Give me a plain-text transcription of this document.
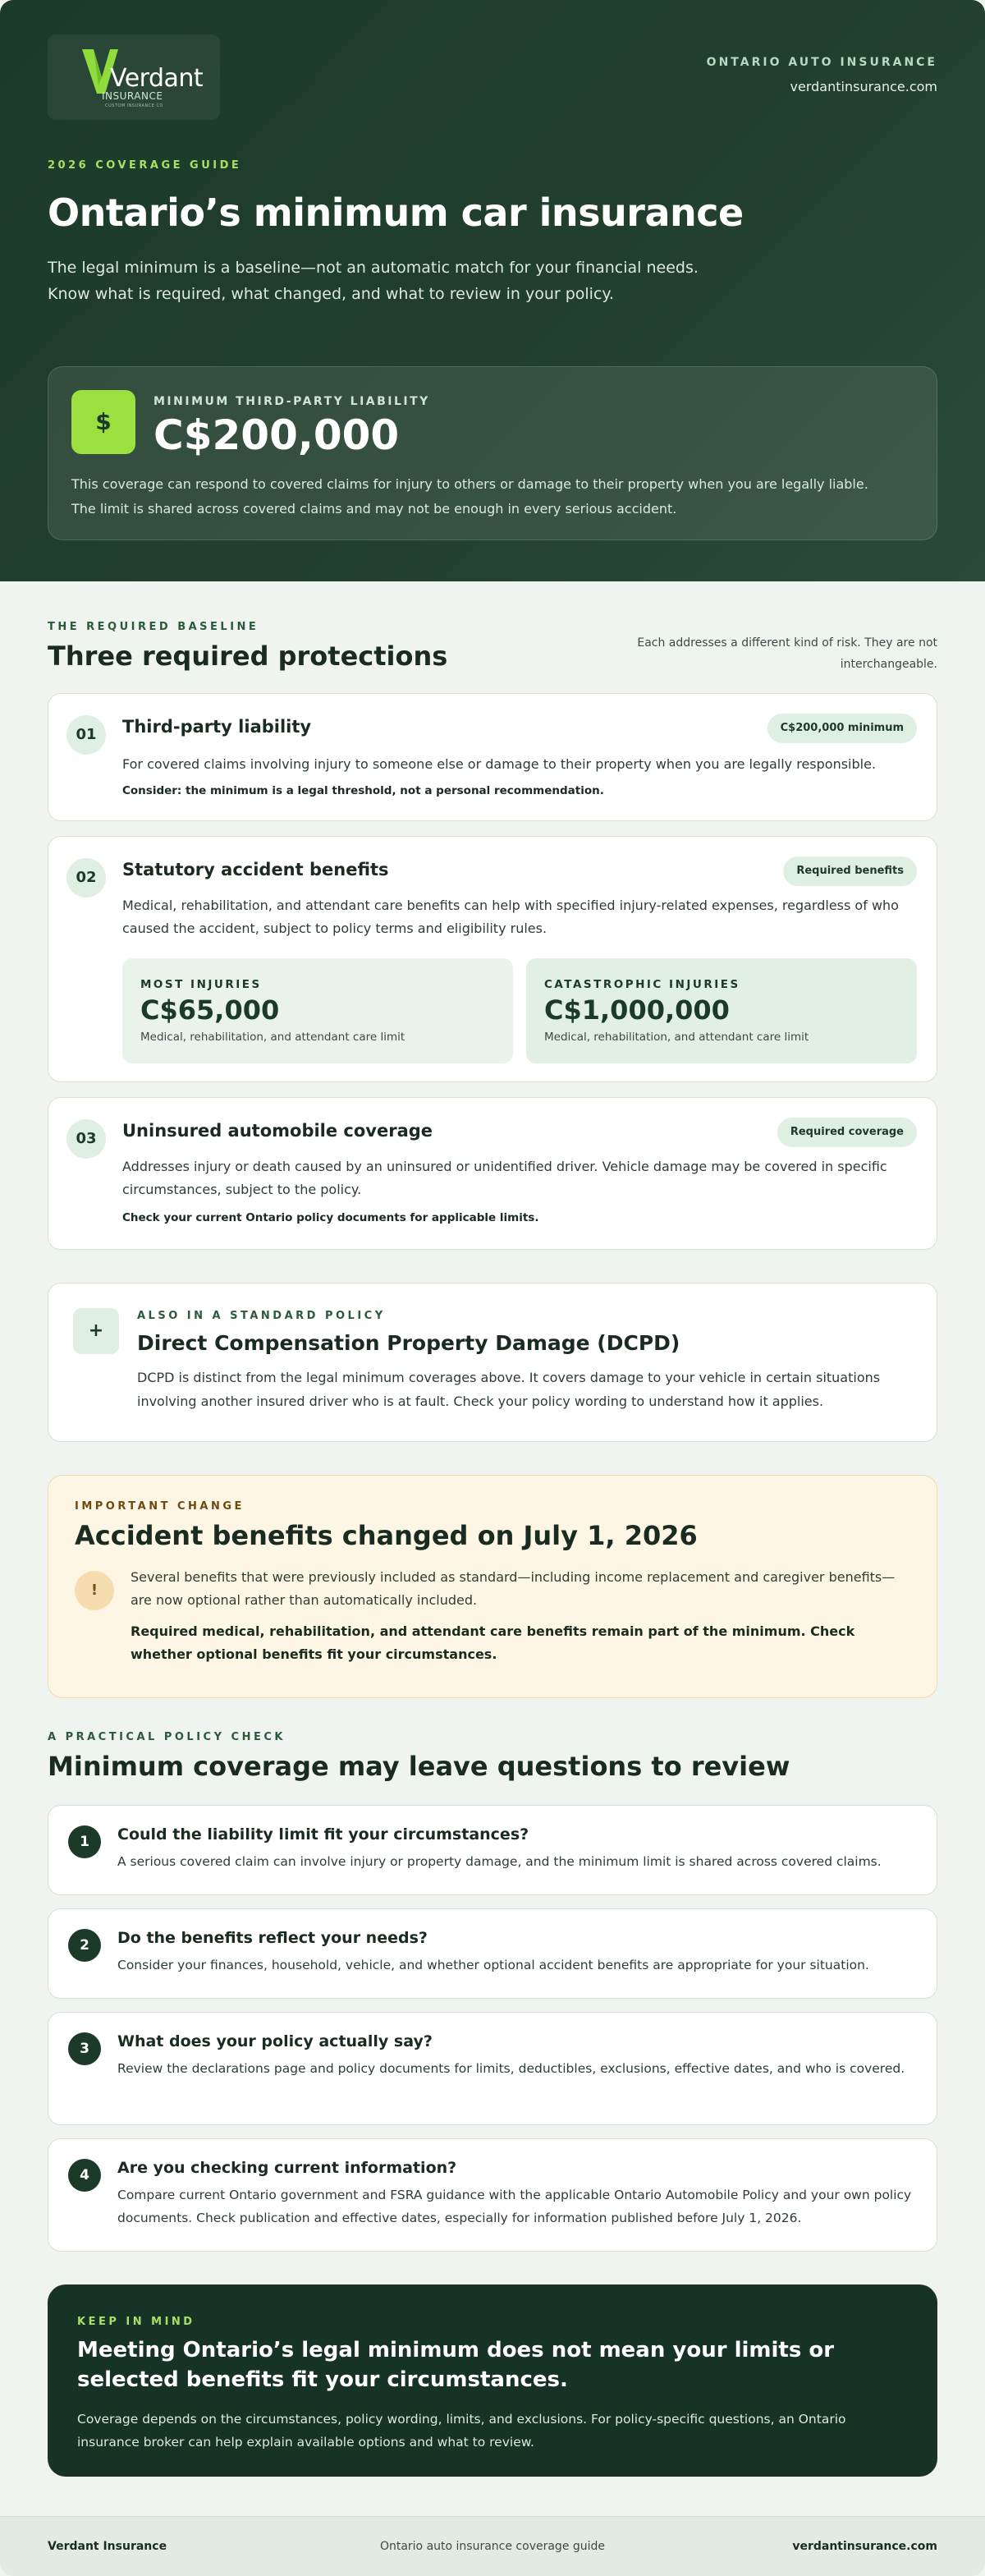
Verdant
INSURANCE
CUSTOM INSURANCE CO
ONTARIO AUTO INSURANCE
verdantinsurance.com
2026 COVERAGE GUIDE
Ontario’s minimum car insurance

The legal minimum is a baseline—not an automatic match for your financial needs. Know what is required, what changed, and what to review in your policy.

$
MINIMUM THIRD-PARTY LIABILITY
C$200,000

This coverage can respond to covered claims for injury to others or damage to their property when you are legally liable. The limit is shared across covered claims and may not be enough in every serious accident.

THE REQUIRED BASELINE
Three required protections	Each addresses a different kind of risk. They are not interchangeable.

01	Third-party liability	C$200,000 minimum

For covered claims involving injury to someone else or damage to their property when you are legally responsible.

Consider: the minimum is a legal threshold, not a personal recommendation.
02	Statutory accident benefits	Required benefits

Medical, rehabilitation, and attendant care benefits can help with specified injury-related expenses, regardless of who caused the accident, subject to policy terms and eligibility rules.

MOST INJURIES
C$65,000
Medical, rehabilitation, and attendant care limit
CATASTROPHIC INJURIES
C$1,000,000
Medical, rehabilitation, and attendant care limit
03	Uninsured automobile coverage	Required coverage

Addresses injury or death caused by an uninsured or unidentified driver. Vehicle damage may be covered in specific circumstances, subject to the policy.

Check your current Ontario policy documents for applicable limits.
+
ALSO IN A STANDARD POLICY
Direct Compensation Property Damage (DCPD)

DCPD is distinct from the legal minimum coverages above. It covers damage to your vehicle in certain situations involving another insured driver who is at fault. Check your policy wording to understand how it applies.

IMPORTANT CHANGE
Accident benefits changed on July 1, 2026
!

Several benefits that were previously included as standard—including income replacement and caregiver benefits—are now optional rather than automatically included.

Required medical, rehabilitation, and attendant care benefits remain part of the minimum. Check whether optional benefits fit your circumstances.

A PRACTICAL POLICY CHECK
Minimum coverage may leave questions to review
1	Could the liability limit fit your circumstances?

A serious covered claim can involve injury or property damage, and the minimum limit is shared across covered claims.

2	Do the benefits reflect your needs?

Consider your finances, household, vehicle, and whether optional accident benefits are appropriate for your situation.

3	What does your policy actually say?

Review the declarations page and policy documents for limits, deductibles, exclusions, effective dates, and who is covered.

4	Are you checking current information?

Compare current Ontario government and FSRA guidance with the applicable Ontario Automobile Policy and your own policy documents. Check publication and effective dates, especially for information published before July 1, 2026.

KEEP IN MIND
Meeting Ontario’s legal minimum does not mean your limits or selected benefits fit your circumstances.

Coverage depends on the circumstances, policy wording, limits, and exclusions. For policy-specific questions, an Ontario insurance broker can help explain available options and what to review.

Ontario auto insurance coverage guide
Verdant Insurance	verdantinsurance.com
